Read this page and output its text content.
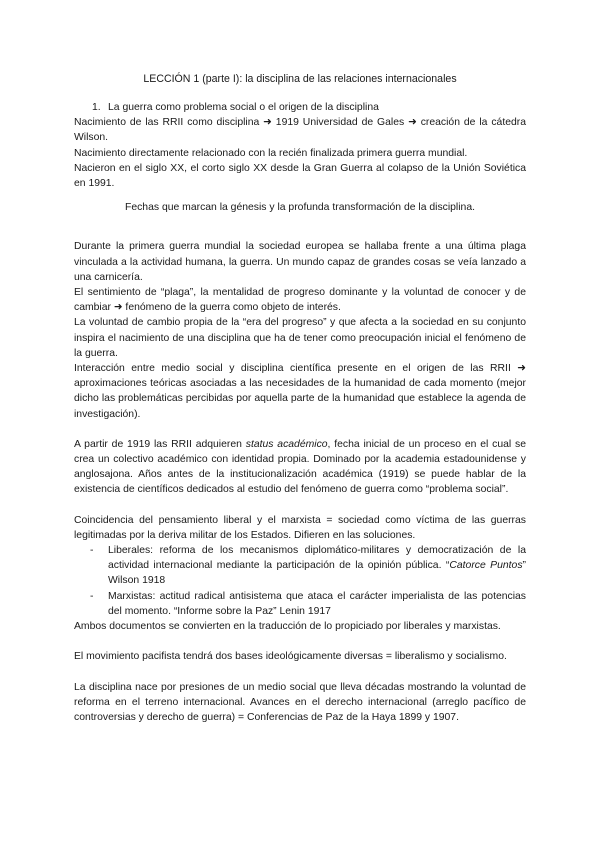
LECCIÓN 1 (parte I): la disciplina de las relaciones internacionales

1. La guerra como problema social o el origen de la disciplina

Nacimiento de las RRII como disciplina ➜ 1919 Universidad de Gales ➜ creación de la cátedra Wilson.

Nacimiento directamente relacionado con la recién finalizada primera guerra mundial.

Nacieron en el siglo XX, el corto siglo XX desde la Gran Guerra al colapso de la Unión Soviética en 1991.

Fechas que marcan la génesis y la profunda transformación de la disciplina.

Durante la primera guerra mundial la sociedad europea se hallaba frente a una última plaga vinculada a la actividad humana, la guerra. Un mundo capaz de grandes cosas se veía lanzado a una carnicería.

El sentimiento de “plaga”, la mentalidad de progreso dominante y la voluntad de conocer y de cambiar ➜ fenómeno de la guerra como objeto de interés.

La voluntad de cambio propia de la “era del progreso” y que afecta a la sociedad en su conjunto inspira el nacimiento de una disciplina que ha de tener como preocupación inicial el fenómeno de la guerra.

Interacción entre medio social y disciplina científica presente en el origen de las RRII ➜ aproximaciones teóricas asociadas a las necesidades de la humanidad de cada momento (mejor dicho las problemáticas percibidas por aquella parte de la humanidad que establece la agenda de investigación).

A partir de 1919 las RRII adquieren status académico, fecha inicial de un proceso en el cual se crea un colectivo académico con identidad propia. Dominado por la academia estadounidense y anglosajona. Años antes de la institucionalización académica (1919) se puede hablar de la existencia de científicos dedicados al estudio del fenómeno de guerra como “problema social”.

Coincidencia del pensamiento liberal y el marxista = sociedad como víctima de las guerras legitimadas por la deriva militar de los Estados. Difieren en las soluciones.

- Liberales: reforma de los mecanismos diplomático-militares y democratización de la actividad internacional mediante la participación de la opinión pública. “Catorce Puntos” Wilson 1918
- Marxistas: actitud radical antisistema que ataca el carácter imperialista de las potencias del momento. “Informe sobre la Paz” Lenin 1917

Ambos documentos se convierten en la traducción de lo propiciado por liberales y marxistas.

El movimiento pacifista tendrá dos bases ideológicamente diversas = liberalismo y socialismo.

La disciplina nace por presiones de un medio social que lleva décadas mostrando la voluntad de reforma en el terreno internacional. Avances en el derecho internacional (arreglo pacífico de controversias y derecho de guerra) = Conferencias de Paz de la Haya 1899 y 1907.
